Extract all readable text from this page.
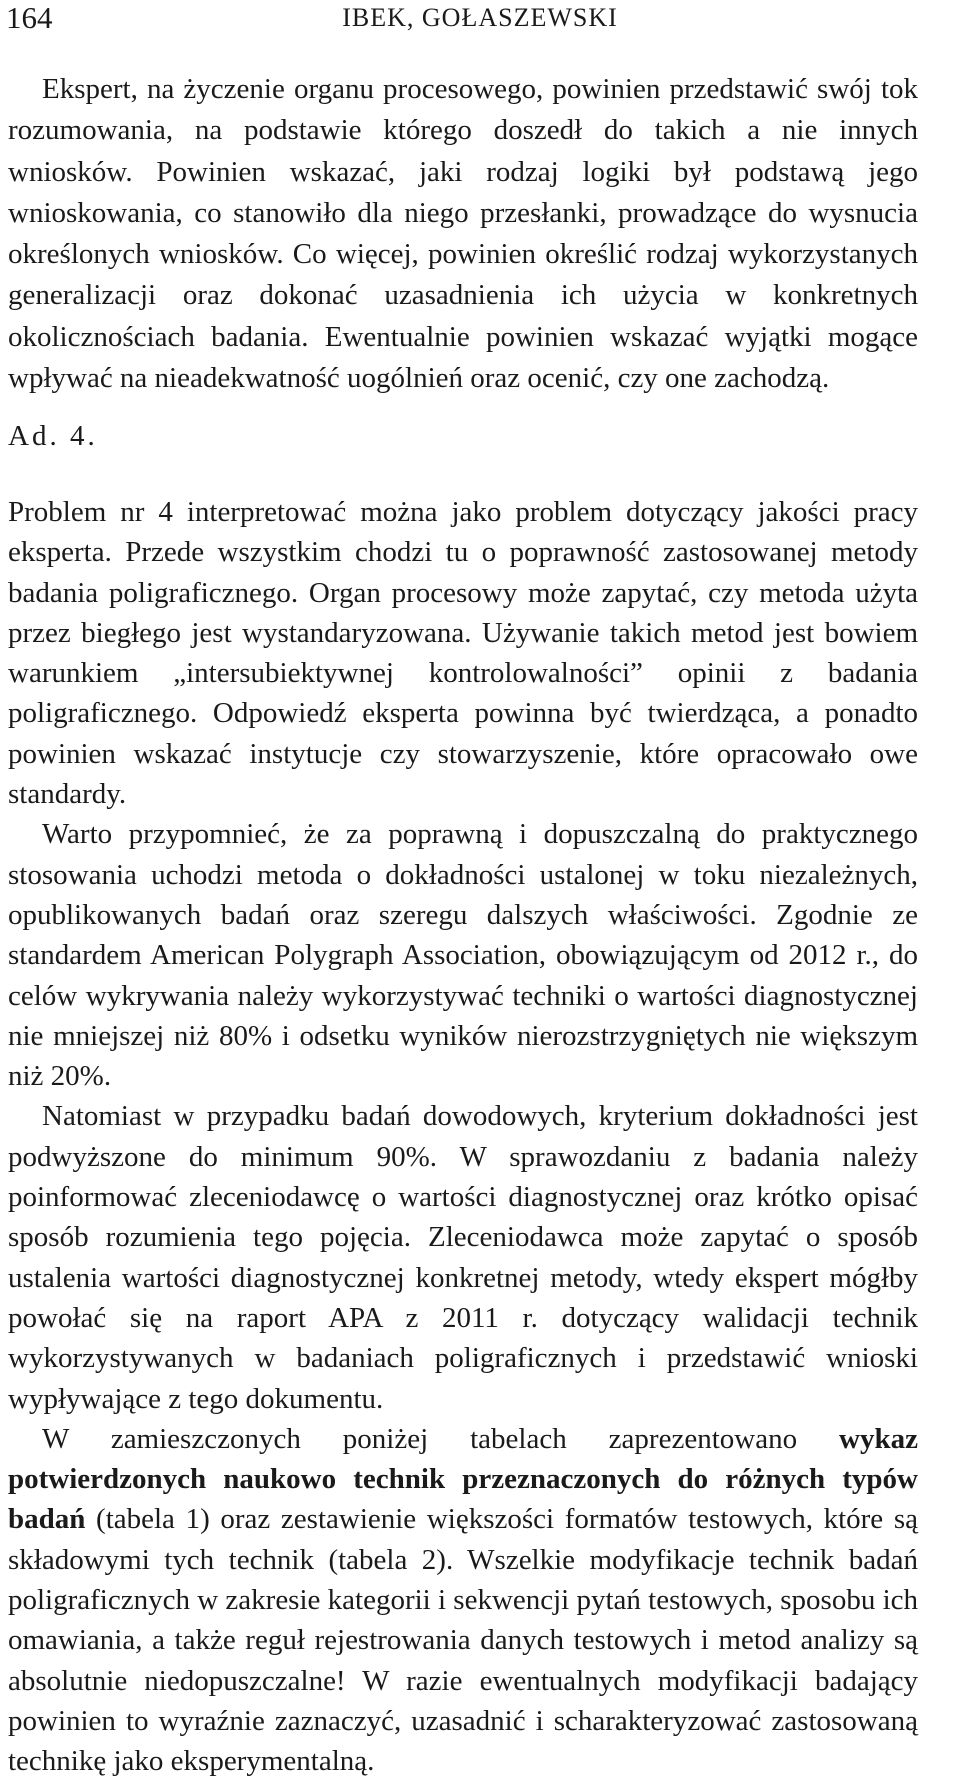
164	IBEK, GOŁASZEWSKI

Ekspert, na życzenie organu procesowego, powinien przedstawić swój tok rozumowania, na podstawie którego doszedł do takich a nie innych wniosków. Powinien wskazać, jaki rodzaj logiki był podstawą jego wnioskowania, co stanowiło dla niego przesłanki, prowadzące do wysnucia określonych wniosków. Co więcej, powinien określić rodzaj wykorzystanych generalizacji oraz dokonać uzasadnienia ich użycia w konkretnych okolicznościach badania. Ewentualnie powinien wskazać wyjątki mogące wpływać na nieadekwatność uogólnień oraz ocenić, czy one zachodzą.

Ad. 4.

Problem nr 4 interpretować można jako problem dotyczący jakości pracy eksperta. Przede wszystkim chodzi tu o poprawność zastosowanej metody badania poligraficznego. Organ procesowy może zapytać, czy metoda użyta przez biegłego jest wystandaryzowana. Używanie takich metod jest bowiem warunkiem „intersubiektywnej kontrolowalności” opinii z badania poligraficznego. Odpowiedź eksperta powinna być twierdząca, a ponadto powinien wskazać instytucje czy stowarzyszenie, które opracowało owe standardy.

Warto przypomnieć, że za poprawną i dopuszczalną do praktycznego stosowania uchodzi metoda o dokładności ustalonej w toku niezależnych, opublikowanych badań oraz szeregu dalszych właściwości. Zgodnie ze standardem American Polygraph Association, obowiązującym od 2012 r., do celów wykrywania należy wykorzystywać techniki o wartości diagnostycznej nie mniejszej niż 80% i odsetku wyników nierozstrzygniętych nie większym niż 20%.

Natomiast w przypadku badań dowodowych, kryterium dokładności jest podwyższone do minimum 90%. W sprawozdaniu z badania należy poinformować zleceniodawcę o wartości diagnostycznej oraz krótko opisać sposób rozumienia tego pojęcia. Zleceniodawca może zapytać o sposób ustalenia wartości diagnostycznej konkretnej metody, wtedy ekspert mógłby powołać się na raport APA z 2011 r. dotyczący walidacji technik wykorzystywanych w badaniach poligraficznych i przedstawić wnioski wypływające z tego dokumentu.

W zamieszczonych poniżej tabelach zaprezentowano wykaz potwierdzonych naukowo technik przeznaczonych do różnych typów badań (tabela 1) oraz zestawienie większości formatów testowych, które są składowymi tych technik (tabela 2). Wszelkie modyfikacje technik badań poligraficznych w zakresie kategorii i sekwencji pytań testowych, sposobu ich omawiania, a także reguł rejestrowania danych testowych i metod analizy są absolutnie niedopuszczalne! W razie ewentualnych modyfikacji badający powinien to wyraźnie zaznaczyć, uzasadnić i scharakteryzować zastosowaną technikę jako eksperymentalną.
